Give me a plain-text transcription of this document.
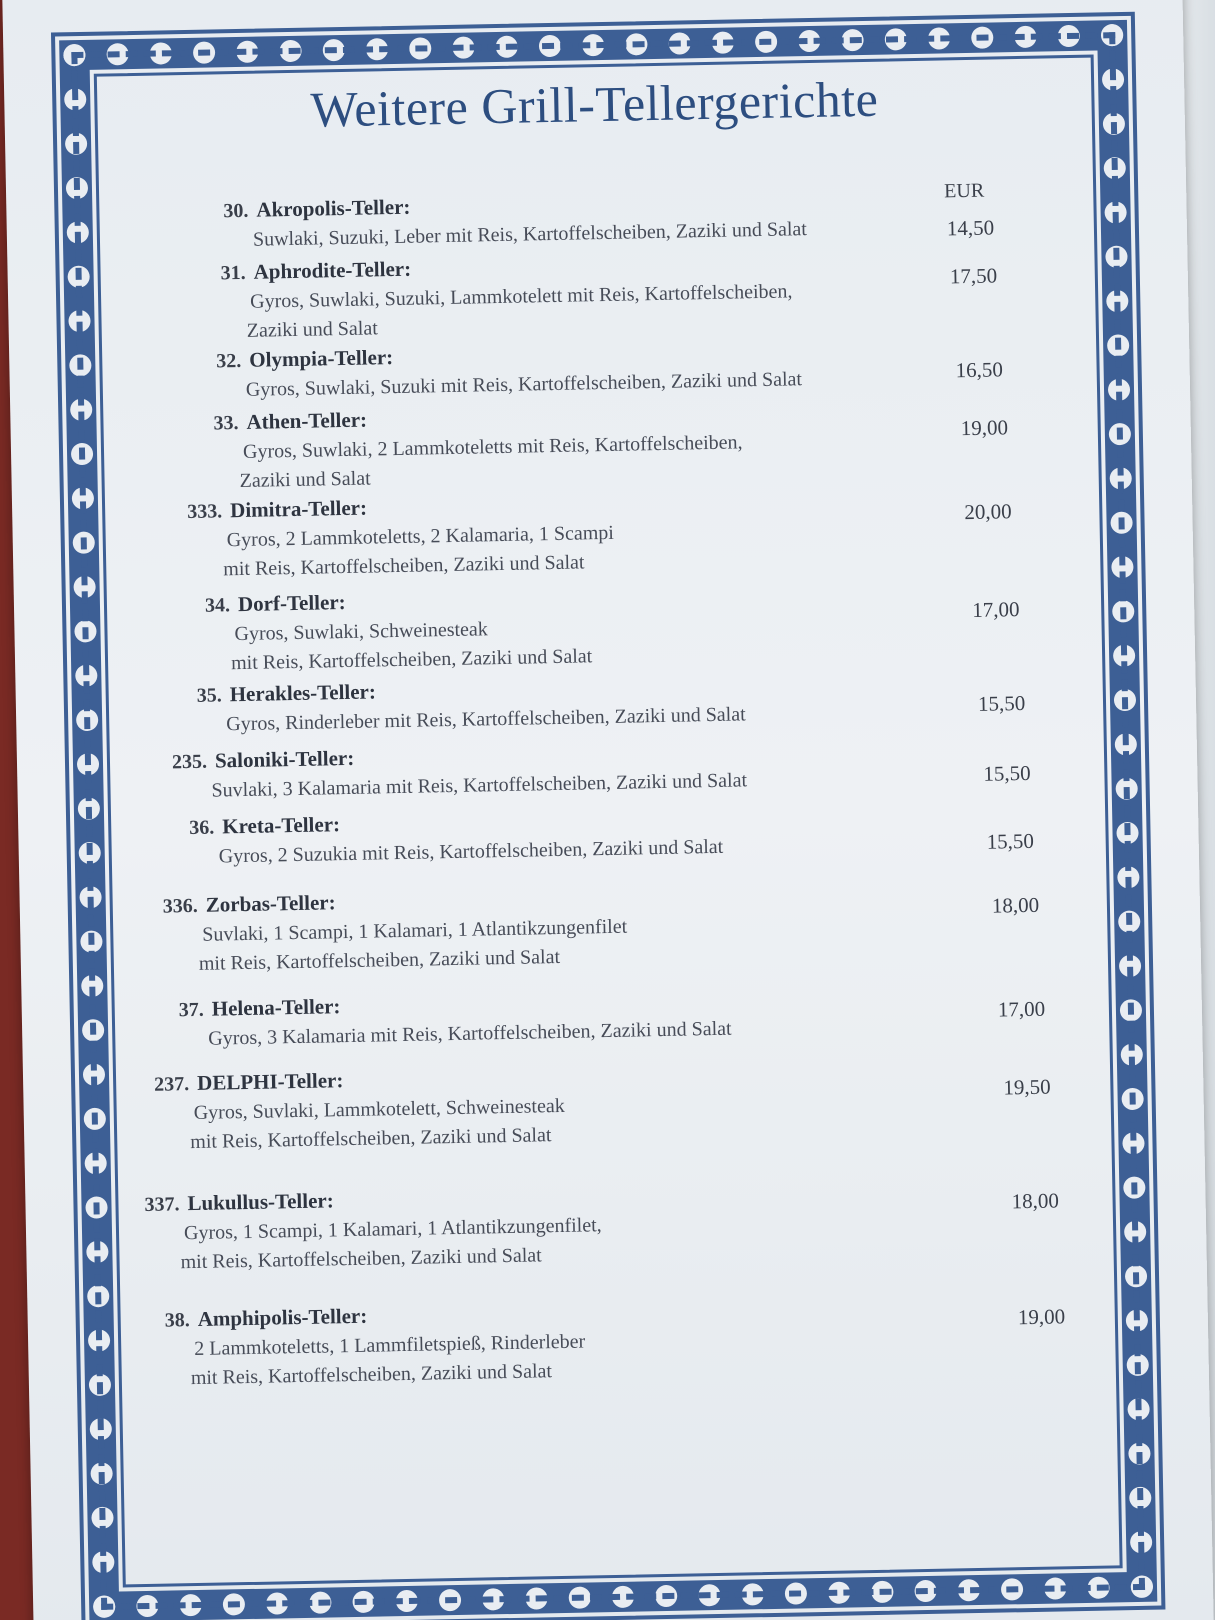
Weitere Grill-Tellergerichte
EUR
30. Akropolis-Teller:
Suwlaki, Suzuki, Leber mit Reis, Kartoffelscheiben, Zaziki und Salat	14,50
31. Aphrodite-Teller:
Gyros, Suwlaki, Suzuki, Lammkotelett mit Reis, Kartoffelscheiben,
Zaziki und Salat
17,50
32. Olympia-Teller:
Gyros, Suwlaki, Suzuki mit Reis, Kartoffelscheiben, Zaziki und Salat	16,50
33. Athen-Teller:
Gyros, Suwlaki, 2 Lammkoteletts mit Reis, Kartoffelscheiben,
Zaziki und Salat
19,00
333. Dimitra-Teller:
Gyros, 2 Lammkoteletts, 2 Kalamaria, 1 Scampi
mit Reis, Kartoffelscheiben, Zaziki und Salat
20,00
34. Dorf-Teller:
Gyros, Suwlaki, Schweinesteak
mit Reis, Kartoffelscheiben, Zaziki und Salat
17,00
35. Herakles-Teller:
Gyros, Rinderleber mit Reis, Kartoffelscheiben, Zaziki und Salat	15,50
235. Saloniki-Teller:
Suvlaki, 3 Kalamaria mit Reis, Kartoffelscheiben, Zaziki und Salat	15,50
36. Kreta-Teller:
Gyros, 2 Suzukia mit Reis, Kartoffelscheiben, Zaziki und Salat	15,50
336. Zorbas-Teller:
Suvlaki, 1 Scampi, 1 Kalamari, 1 Atlantikzungenfilet
mit Reis, Kartoffelscheiben, Zaziki und Salat
18,00
37. Helena-Teller:
Gyros, 3 Kalamaria mit Reis, Kartoffelscheiben, Zaziki und Salat
17,00
237. DELPHI-Teller:
Gyros, Suvlaki, Lammkotelett, Schweinesteak
mit Reis, Kartoffelscheiben, Zaziki und Salat
19,50
337. Lukullus-Teller:
Gyros, 1 Scampi, 1 Kalamari, 1 Atlantikzungenfilet,
mit Reis, Kartoffelscheiben, Zaziki und Salat
18,00
38. Amphipolis-Teller:
2 Lammkoteletts, 1 Lammfiletspieß, Rinderleber
mit Reis, Kartoffelscheiben, Zaziki und Salat
19,00
